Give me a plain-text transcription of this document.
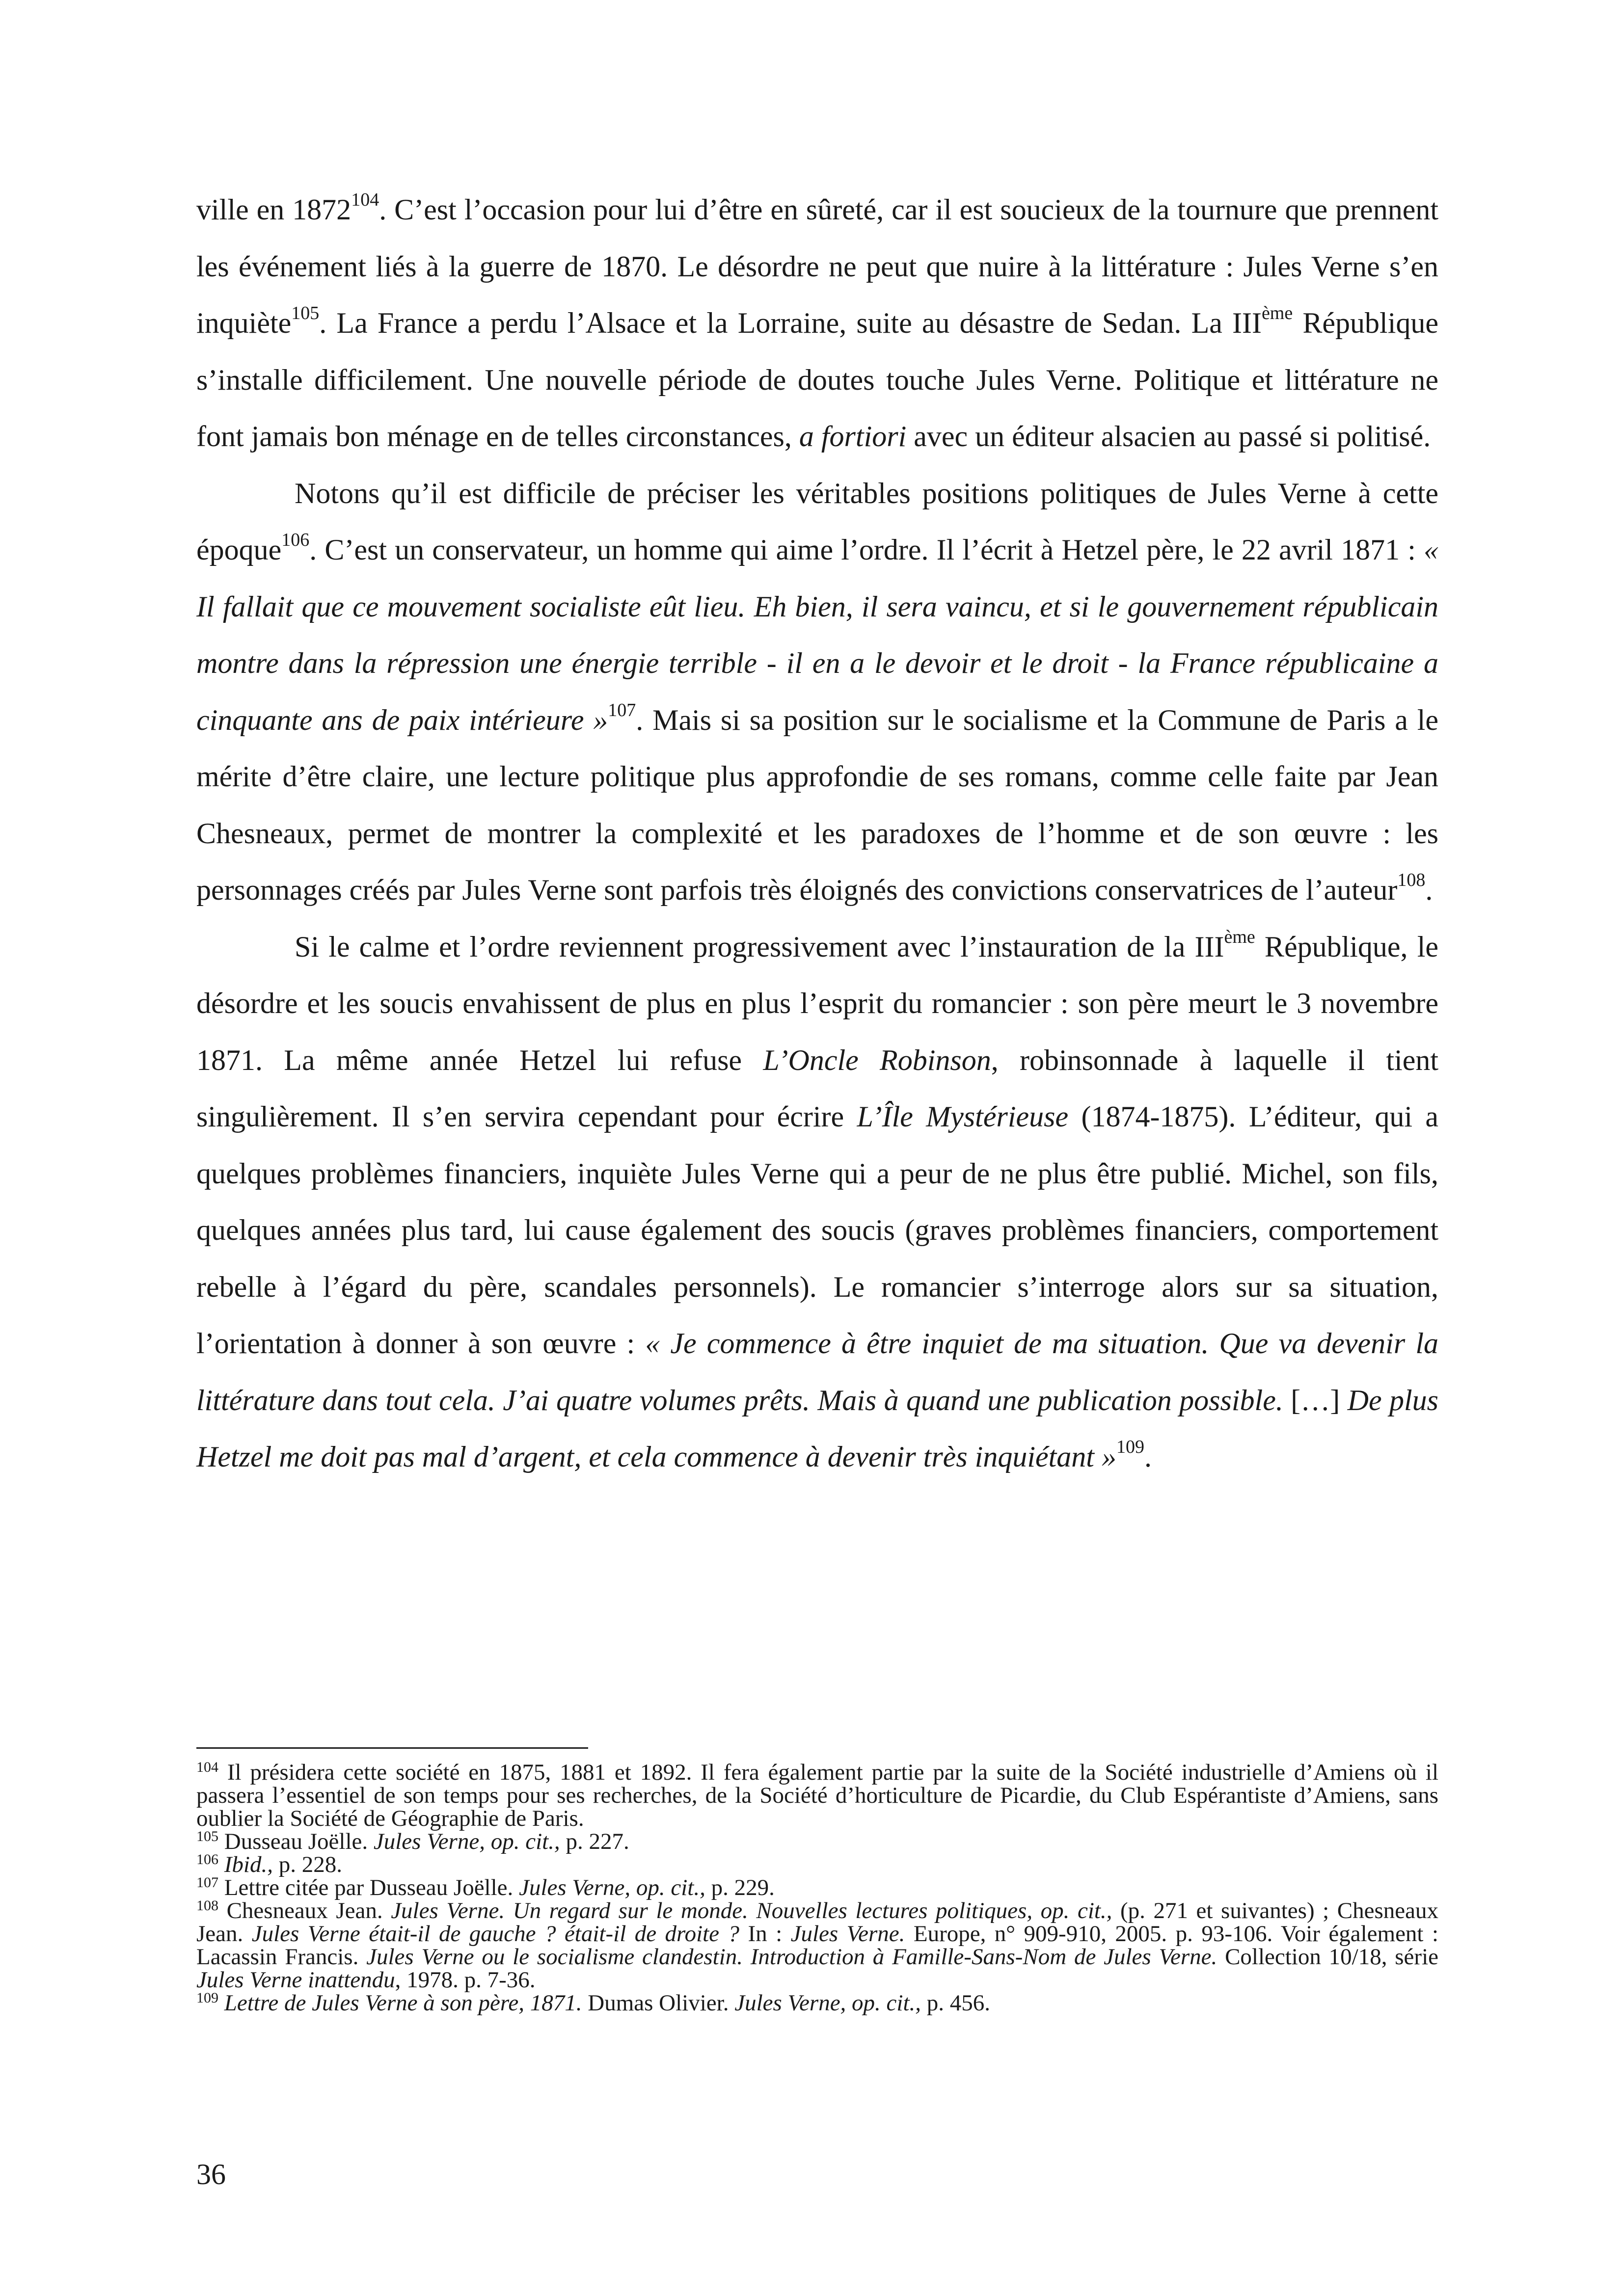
ville en 1872$^{104}$. C’est l’occasion pour lui d’être en sûreté, car il est soucieux de la tournure que prennent les événement liés à la guerre de 1870. Le désordre ne peut que nuire à la littérature : Jules Verne s’en inquiète$^{105}$. La France a perdu l’Alsace et la Lorraine, suite au désastre de Sedan. La IIIème République s’installe difficilement. Une nouvelle période de doutes touche Jules Verne. Politique et littérature ne font jamais bon ménage en de telles circonstances, a fortiori avec un éditeur alsacien au passé si politisé.

Notons qu’il est difficile de préciser les véritables positions politiques de Jules Verne à cette époque$^{106}$. C’est un conservateur, un homme qui aime l’ordre. Il l’écrit à Hetzel père, le 22 avril 1871 : « Il fallait que ce mouvement socialiste eût lieu. Eh bien, il sera vaincu, et si le gouvernement républicain montre dans la répression une énergie terrible - il en a le devoir et le droit - la France républicaine a cinquante ans de paix intérieure »$^{107}$. Mais si sa position sur le socialisme et la Commune de Paris a le mérite d’être claire, une lecture politique plus approfondie de ses romans, comme celle faite par Jean Chesneaux, permet de montrer la complexité et les paradoxes de l’homme et de son œuvre : les personnages créés par Jules Verne sont parfois très éloignés des convictions conservatrices de l’auteur$^{108}$.

Si le calme et l’ordre reviennent progressivement avec l’instauration de la IIIème République, le désordre et les soucis envahissent de plus en plus l’esprit du romancier : son père meurt le 3 novembre 1871. La même année Hetzel lui refuse L’Oncle Robinson, robinsonnade à laquelle il tient singulièrement. Il s’en servira cependant pour écrire L’Île Mystérieuse (1874-1875). L’éditeur, qui a quelques problèmes financiers, inquiète Jules Verne qui a peur de ne plus être publié. Michel, son fils, quelques années plus tard, lui cause également des soucis (graves problèmes financiers, comportement rebelle à l’égard du père, scandales personnels). Le romancier s’interroge alors sur sa situation, l’orientation à donner à son œuvre : « Je commence à être inquiet de ma situation. Que va devenir la littérature dans tout cela. J’ai quatre volumes prêts. Mais à quand une publication possible. […] De plus Hetzel me doit pas mal d’argent, et cela commence à devenir très inquiétant »$^{109}$.

$^{104}$ Il présidera cette société en 1875, 1881 et 1892. Il fera également partie par la suite de la Société industrielle d’Amiens où il passera l’essentiel de son temps pour ses recherches, de la Société d’horticulture de Picardie, du Club Espérantiste d’Amiens, sans oublier la Société de Géographie de Paris.

$^{105}$ Dusseau Joëlle. Jules Verne, op. cit., p. 227.

$^{106}$ Ibid., p. 228.

$^{107}$ Lettre citée par Dusseau Joëlle. Jules Verne, op. cit., p. 229.

$^{108}$ Chesneaux Jean. Jules Verne. Un regard sur le monde. Nouvelles lectures politiques, op. cit., (p. 271 et suivantes) ; Chesneaux Jean. Jules Verne était-il de gauche ? était-il de droite ? In : Jules Verne. Europe, n° 909-910, 2005. p. 93-106. Voir également : Lacassin Francis. Jules Verne ou le socialisme clandestin. Introduction à Famille-Sans-Nom de Jules Verne. Collection 10/18, série Jules Verne inattendu, 1978. p. 7-36.

$^{109}$ Lettre de Jules Verne à son père, 1871. Dumas Olivier. Jules Verne, op. cit., p. 456.

36
